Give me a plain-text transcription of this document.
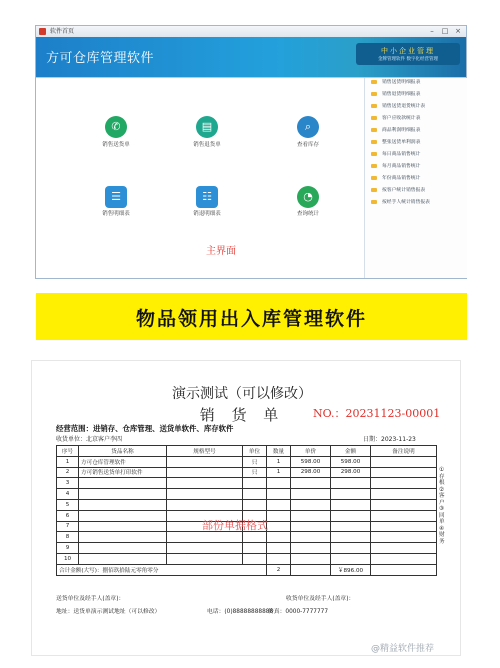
软件首页	–	□ ×
方可仓库管理软件	中小企业管理
金牌管理软件 数字化经营管理
✆
销售送货单
▤
销售退货单
⌕
查看库存
☰
销售明细表
☷
销退明细表
◔
查询统计
主界面
销售送货明细报表
销售退货明细报表
销售送货退货统计表
客户应收款统计表
商品利润明细报表
整张送货单利润表
每日商品销售统计
每月商品销售统计
年份商品销售统计
按客户统计销售报表
按经手人统计销售报表
物品领用出入库管理软件
演示测试（可以修改）
销 货 单	NO.：20231123-00001
经营范围：进销存、仓库管理、送货单软件、库存软件
收货单位：北京客户李四	日期：2023-11-23
序号	货品名称	规格型号	单位	数量	单价	金额	备注说明
1	方可仓库管理软件		只	1	598.00	598.00	
2	方可销售送货单打印软件		只	1	298.00	298.00	
3							
4							
5							
6							
7							
8							
9							
10							
合计金额(大写)：捌佰玖拾陆元零角零分				2		￥896.00	
①存根②客户③回单④财务
部份单据格式
送货单位及经手人(盖章)：	收货单位及经手人(盖章)：
地址：送货单演示测试地址（可以修改）	电话：(0)88888888888
传真：0000-7777777
@精益软件推荐
